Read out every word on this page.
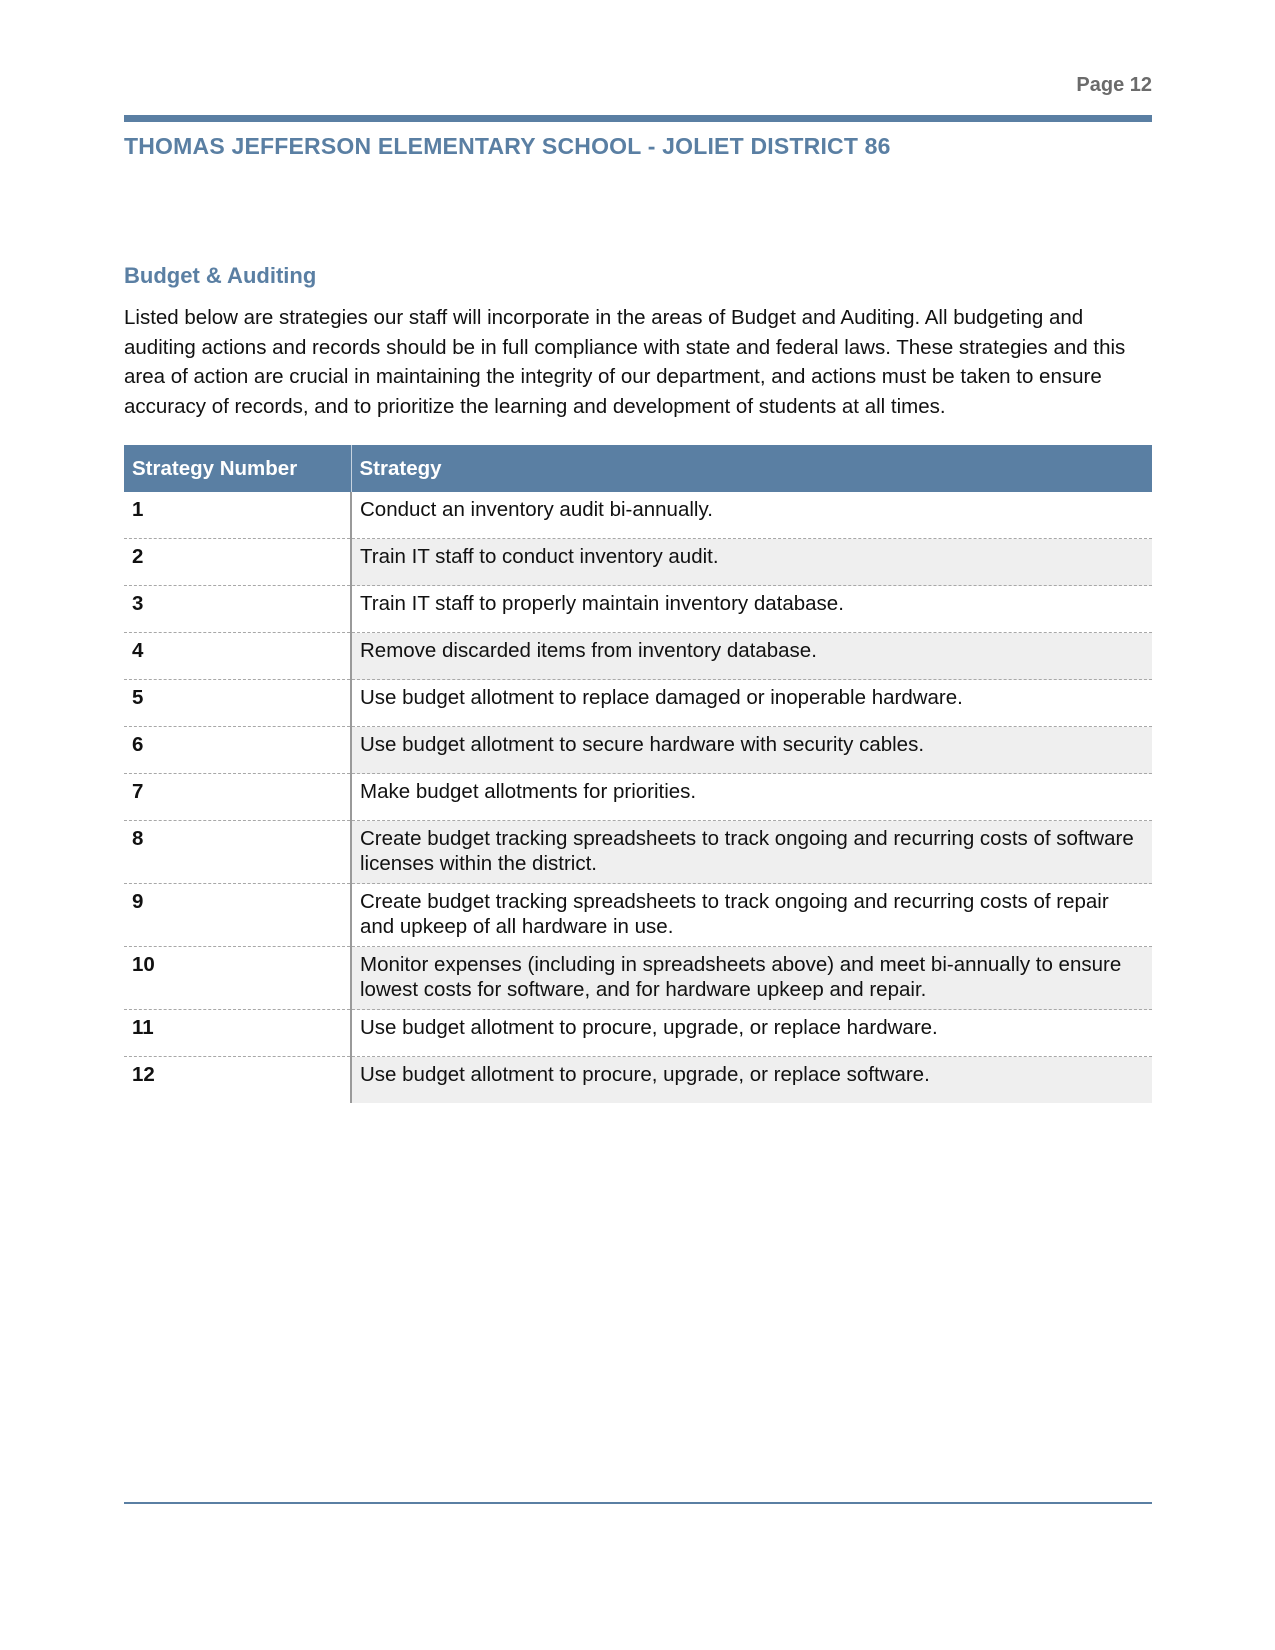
Page 12
THOMAS JEFFERSON ELEMENTARY SCHOOL - JOLIET DISTRICT 86
Budget & Auditing
Listed below are strategies our staff will incorporate in the areas of Budget and Auditing. All budgeting and auditing actions and records should be in full compliance with state and federal laws. These strategies and this area of action are crucial in maintaining the integrity of our department, and actions must be taken to ensure accuracy of records, and to prioritize the learning and development of students at all times.
Strategy Number	Strategy
1	Conduct an inventory audit bi-annually.
2	Train IT staff to conduct inventory audit.
3	Train IT staff to properly maintain inventory database.
4	Remove discarded items from inventory database.
5	Use budget allotment to replace damaged or inoperable hardware.
6	Use budget allotment to secure hardware with security cables.
7	Make budget allotments for priorities.
8	Create budget tracking spreadsheets to track ongoing and recurring costs of software licenses within the district.
9	Create budget tracking spreadsheets to track ongoing and recurring costs of repair and upkeep of all hardware in use.
10	Monitor expenses (including in spreadsheets above) and meet bi-annually to ensure lowest costs for software, and for hardware upkeep and repair.
11	Use budget allotment to procure, upgrade, or replace hardware.
12	Use budget allotment to procure, upgrade, or replace software.
